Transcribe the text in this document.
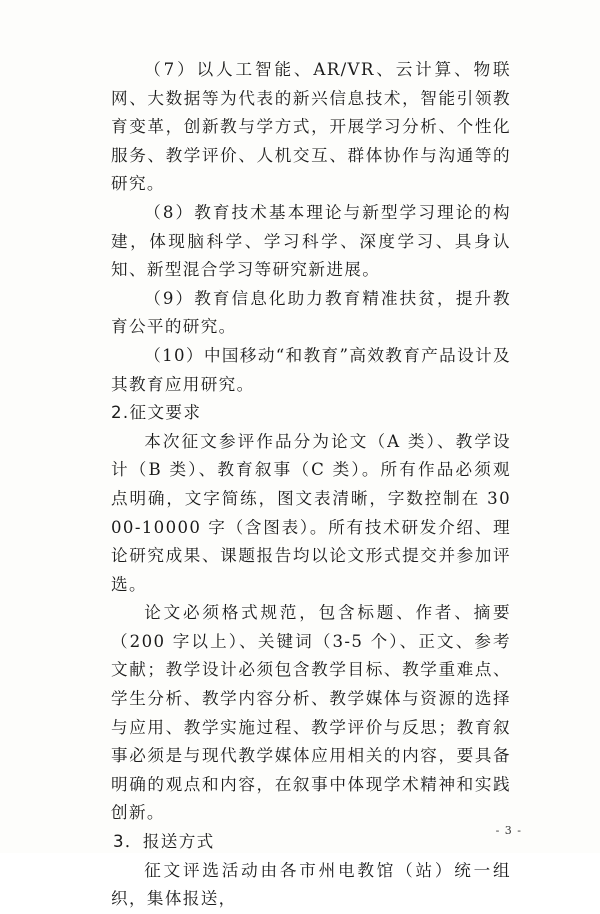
（7）以人工智能、AR/VR、云计算、物联网、大数据等为代表的新兴信息技术，智能引领教育变革，创新教与学方式，开展学习分析、个性化服务、教学评价、人机交互、群体协作与沟通等的研究。

（8）教育技术基本理论与新型学习理论的构建，体现脑科学、学习科学、深度学习、具身认知、新型混合学习等研究新进展。

（9）教育信息化助力教育精准扶贫，提升教育公平的研究。

（10）中国移动“和教育”高效教育产品设计及其教育应用研究。

2.征文要求

本次征文参评作品分为论文（A 类）、教学设计（B 类）、教育叙事（C 类）。所有作品必须观点明确，文字简练，图文表清晰，字数控制在 3000-10000 字（含图表）。所有技术研发介绍、理论研究成果、课题报告均以论文形式提交并参加评选。

论文必须格式规范，包含标题、作者、摘要（200 字以上）、关键词（3-5 个）、正文、参考文献；教学设计必须包含教学目标、教学重难点、学生分析、教学内容分析、教学媒体与资源的选择与应用、教学实施过程、教学评价与反思；教育叙事必须是与现代教学媒体应用相关的内容，要具备明确的观点和内容，在叙事中体现学术精神和实践创新。

3．报送方式

征文评选活动由各市州电教馆（站）统一组织，集体报送，

- 3 -
